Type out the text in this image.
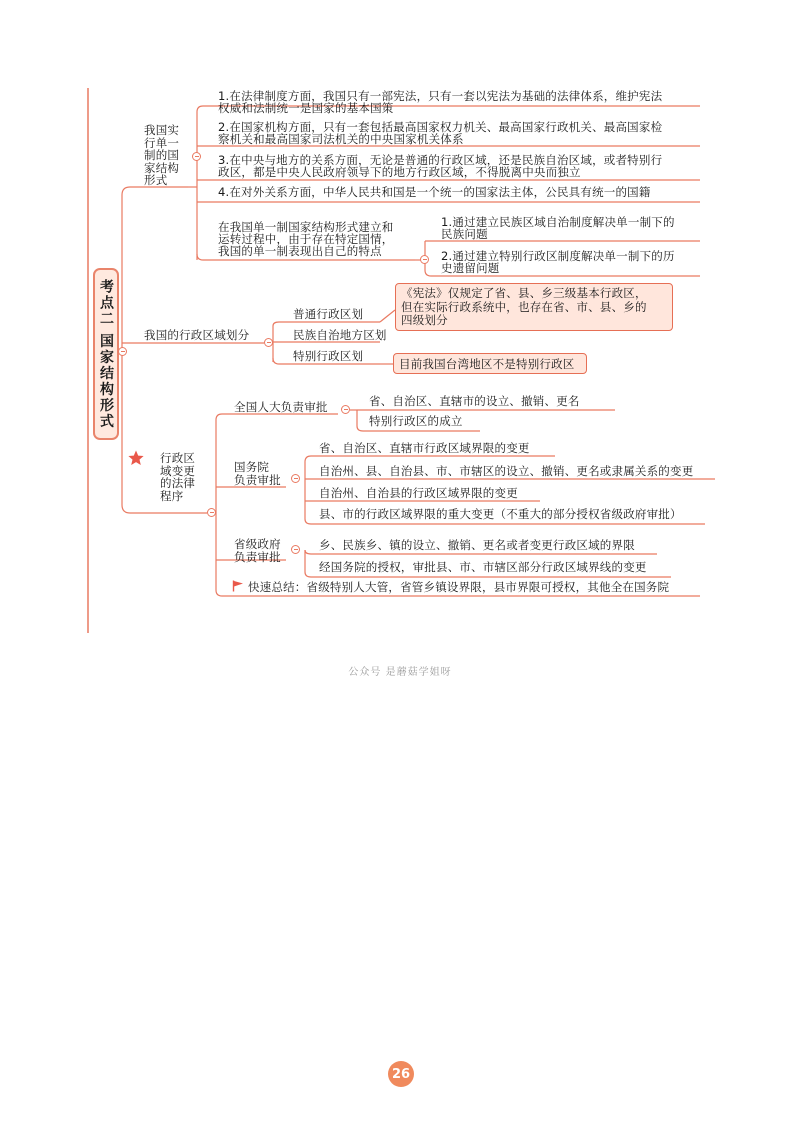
考点二 国家结构形式
我国实
行单一
制的国
家结构
形式
1.在法律制度方面，我国只有一部宪法，只有一套以宪法为基础的法律体系，维护宪法
权威和法制统一是国家的基本国策
2.在国家机构方面，只有一套包括最高国家权力机关、最高国家行政机关、最高国家检
察机关和最高国家司法机关的中央国家机关体系
3.在中央与地方的关系方面，无论是普通的行政区域，还是民族自治区域，或者特别行
政区，都是中央人民政府领导下的地方行政区域，不得脱离中央而独立
4.在对外关系方面，中华人民共和国是一个统一的国家法主体，公民具有统一的国籍
在我国单一制国家结构形式建立和
运转过程中，由于存在特定国情，
我国的单一制表现出自己的特点
1.通过建立民族区域自治制度解决单一制下的
民族问题
2.通过建立特别行政区制度解决单一制下的历
史遗留问题
我国的行政区域划分
普通行政区划
民族自治地方区划
特别行政区划
《宪法》仅规定了省、县、乡三级基本行政区，
但在实际行政系统中，也存在省、市、县、乡的
四级划分
目前我国台湾地区不是特别行政区
行政区
域变更
的法律
程序
全国人大负责审批	省、自治区、直辖市的设立、撤销、更名
特别行政区的成立
国务院
负责审批
省、自治区、直辖市行政区域界限的变更
自治州、县、自治县、市、市辖区的设立、撤销、更名或隶属关系的变更
自治州、自治县的行政区域界限的变更
县、市的行政区域界限的重大变更（不重大的部分授权省级政府审批）
省级政府
负责审批
乡、民族乡、镇的设立、撤销、更名或者变更行政区域的界限
经国务院的授权，审批县、市、市辖区部分行政区域界线的变更
快速总结：省级特别人大管，省管乡镇设界限，县市界限可授权，其他全在国务院
公众号 是蘑菇学姐呀
26
